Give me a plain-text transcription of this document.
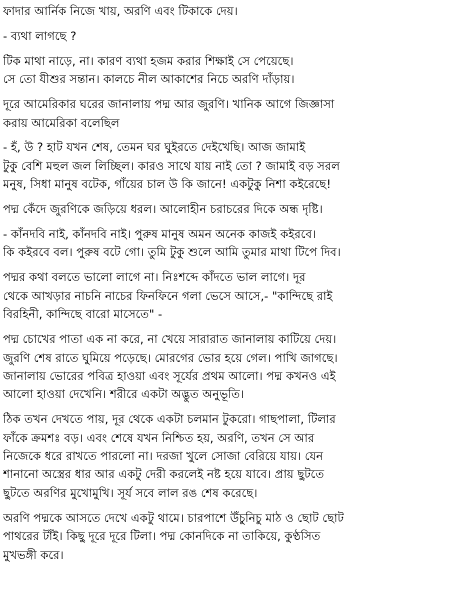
ফাদার আর্নিক নিজে খায়, অরণি এবং টিকাকে দেয়।
- ব্যথা লাগছে ?
টিক মাথা নাড়ে, না। কারণ ব্যথা হজম করার শিক্ষাই সে পেয়েছে।
সে তো যীশুর সন্তান। কালচে নীল আকাশের নিচে অরণি দাঁড়ায়।
দূরে আমেরিকার ঘরের জানালায় পদ্ম আর জুরণি। খানিক আগে জিজ্ঞাসা
করায় আমেরিকা বলেছিল
- হঁ, উ ? হাট যখন শেষ, তেমন ঘর ঘুইরতে দেইখেছি। আজ জামাই
টুকু বেশি মহুল জল লিচ্ছিল। কারও সাথে যায় নাই তো ? জামাই বড় সরল
মনুষ, সিধা মানুষ বটেক, গাঁয়ের চাল উ কি জানে! একটুকু নিশা কইরেছে!
পদ্ম কেঁদে জুরণিকে জড়িয়ে ধরল। আলোহীন চরাচরের দিকে অন্ধ দৃষ্টি।
- কাঁনদবি নাই, কাঁনদবি নাই। পুরুষ মানুষ অমন অনেক কাজই কইরবে।
কি কইরবে বল। পুরুষ বটে গো। তুমি টুকু শুলে আমি তুমার মাথা টিপে দিব।
পদ্মর কথা বলতে ভালো লাগে না। নিঃশব্দে কাঁদতে ভাল লাগে। দূর
থেকে আখড়ার নাচনি নাচের ফিনফিনে গলা ভেসে আসে,- "কান্দিছে রাই
বিরহিনী, কান্দিছে বারো মাসেতে" -
পদ্ম চোখের পাতা এক না করে, না খেয়ে সারারাত জানালায় কাটিয়ে দেয়।
জুরণি শেষ রাতে ঘুমিয়ে পড়েছে। মোরগের ভোর হয়ে গেল। পাখি জাগছে।
জানালায় ভোরের পবিত্র হাওয়া এবং সূর্যের প্রথম আলো। পদ্ম কখনও এই
আলো হাওয়া দেখেনি। শরীরে একটা অদ্ভুত অনুভূতি।
ঠিক তখন দেখতে পায়, দূর থেকে একটা চলমান টুকরো। গাছপালা, টিলার
ফাঁকে ক্রমশঃ বড়। এবং শেষে যখন নিশ্চিত হয়, অরণি, তখন সে আর
নিজেকে ধরে রাখতে পারলো না। দরজা খুলে সোজা বেরিয়ে যায়। যেন
শানানো অস্ত্রের ধার আর একটু দেরী করলেই নষ্ট হয়ে যাবে। প্রায় ছুটতে
ছুটতে অরণির মুখোমুখি। সূর্য সবে লাল রঙ শেষ করেছে।
অরণি পদ্মকে আসতে দেখে একটু থামে। চারপাশে উঁচুনিচু মাঠ ও ছোট ছোট
পাথরের টাঁই। কিছু দূরে দূরে টিলা। পদ্ম কোনদিকে না তাকিয়ে, কুণ্ঠসিত
মুখভঙ্গী করে।
